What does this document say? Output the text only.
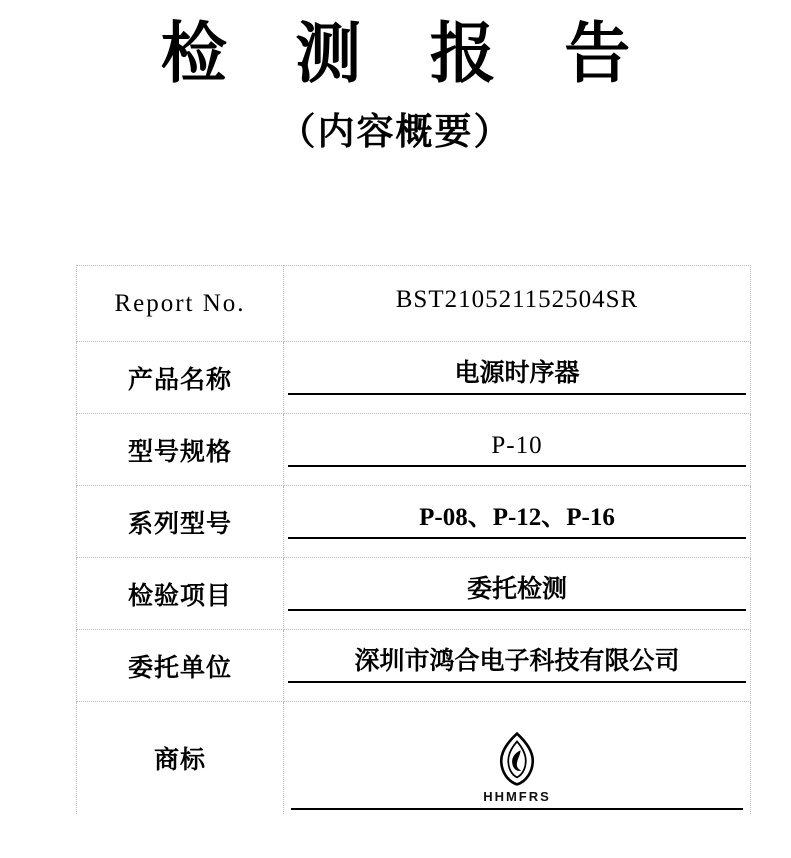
检 测 报 告
（内容概要）
Report No.	BST210521152504SR

产品名称	电源时序器

型号规格	P-10

系列型号	P-08、P-12、P-16

检验项目	委托检测

委托单位	深圳市鸿合电子科技有限公司

商标	HHMFRS
